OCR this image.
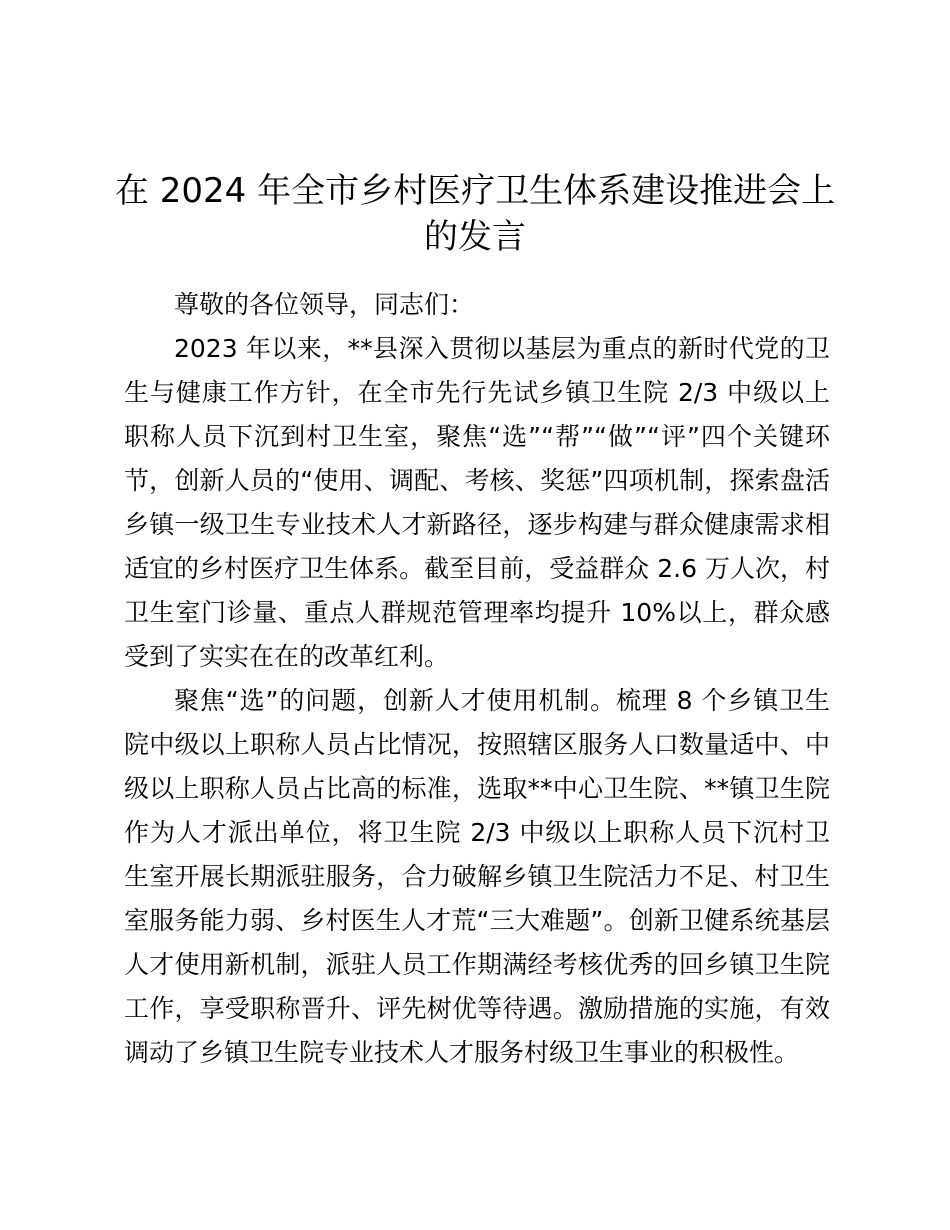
在 2024 年全市乡村医疗卫生体系建设推进会上的发言

尊敬的各位领导，同志们：

2023 年以来，**县深入贯彻以基层为重点的新时代党的卫生与健康工作方针，在全市先行先试乡镇卫生院 2/3 中级以上职称人员下沉到村卫生室，聚焦“选”“帮”“做”“评”四个关键环节，创新人员的“使用、调配、考核、奖惩”四项机制，探索盘活乡镇一级卫生专业技术人才新路径，逐步构建与群众健康需求相适宜的乡村医疗卫生体系。截至目前，受益群众 2.6 万人次，村卫生室门诊量、重点人群规范管理率均提升 10%以上，群众感受到了实实在在的改革红利。

聚焦“选”的问题，创新人才使用机制。梳理 8 个乡镇卫生院中级以上职称人员占比情况，按照辖区服务人口数量适中、中级以上职称人员占比高的标准，选取**中心卫生院、**镇卫生院作为人才派出单位，将卫生院 2/3 中级以上职称人员下沉村卫生室开展长期派驻服务，合力破解乡镇卫生院活力不足、村卫生室服务能力弱、乡村医生人才荒“三大难题”。创新卫健系统基层人才使用新机制，派驻人员工作期满经考核优秀的回乡镇卫生院工作，享受职称晋升、评先树优等待遇。激励措施的实施，有效调动了乡镇卫生院专业技术人才服务村级卫生事业的积极性。
